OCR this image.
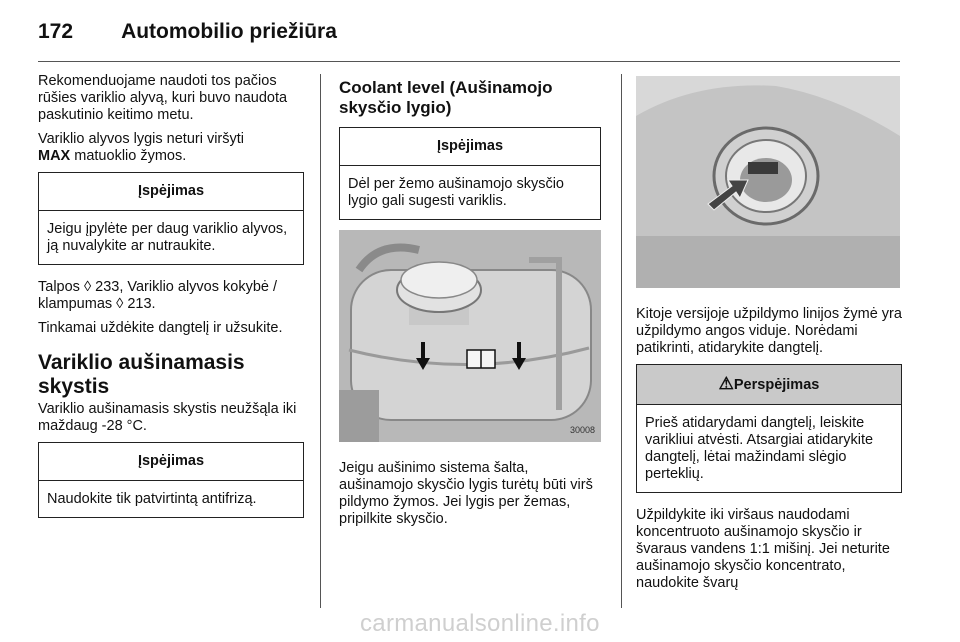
172 Automobilio priežiūra

Rekomenduojame naudoti tos pačios rūšies variklio alyvą, kuri buvo naudota paskutinio keitimo metu.

Variklio alyvos lygis neturi viršyti
MAX matuoklio žymos.

Įspėjimas
Jeigu įpylėte per daug variklio alyvos, ją nuvalykite ar nutraukite.

Talpos ◊ 233, Variklio alyvos kokybė / klampumas ◊ 213.

Tinkamai uždėkite dangtelį ir užsukite.

Variklio aušinamasis skystis

Variklio aušinamasis skystis neužšąla iki maždaug -28 °C.

Įspėjimas
Naudokite tik patvirtintą antifrizą.
Coolant level (Aušinamojo skysčio lygio)
Įspėjimas
Dėl per žemo aušinamojo skysčio lygio gali sugesti variklis.
30008

Jeigu aušinimo sistema šalta, aušinamojo skysčio lygis turėtų būti virš pildymo žymos. Jei lygis per žemas, pripilkite skysčio.

Kitoje versijoje užpildymo linijos žymė yra užpildymo angos viduje. Norėdami patikrinti, atidarykite dangtelį.

⚠Perspėjimas
Prieš atidarydami dangtelį, leiskite varikliui atvėsti. Atsargiai atidarykite dangtelį, lėtai mažindami slėgio perteklių.

Užpildykite iki viršaus naudodami koncentruoto aušinamojo skysčio ir švaraus vandens 1:1 mišinį. Jei neturite aušinamojo skysčio koncentrato, naudokite švarų

carmanualsonline.info
